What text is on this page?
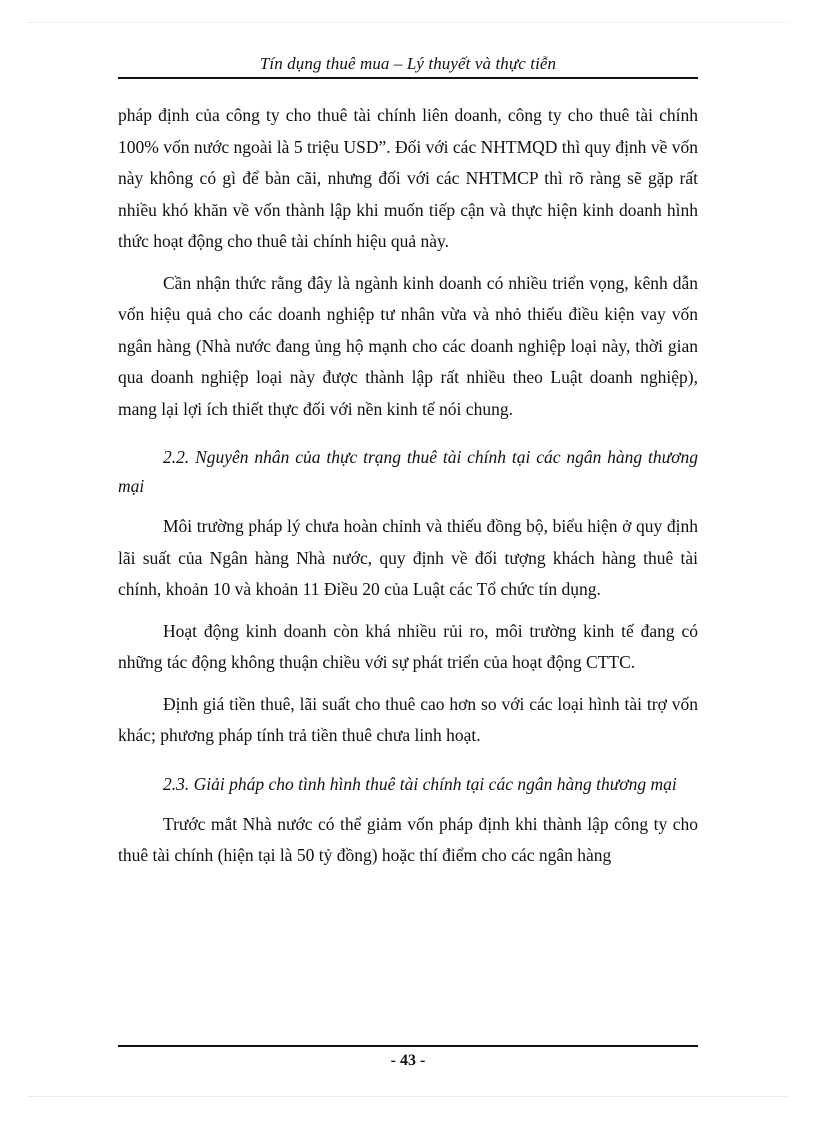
Tín dụng thuê mua – Lý thuyết và thực tiễn

pháp định của công ty cho thuê tài chính liên doanh, công ty cho thuê tài chính 100% vốn nước ngoài là 5 triệu USD”. Đối với các NHTMQD thì quy định về vốn này không có gì để bàn cãi, nhưng đối với các NHTMCP thì rõ ràng sẽ gặp rất nhiều khó khăn về vốn thành lập khi muốn tiếp cận và thực hiện kinh doanh hình thức hoạt động cho thuê tài chính hiệu quả này.

Cần nhận thức rằng đây là ngành kinh doanh có nhiều triển vọng, kênh dẫn vốn hiệu quả cho các doanh nghiệp tư nhân vừa và nhỏ thiếu điều kiện vay vốn ngân hàng (Nhà nước đang ủng hộ mạnh cho các doanh nghiệp loại này, thời gian qua doanh nghiệp loại này được thành lập rất nhiều theo Luật doanh nghiệp), mang lại lợi ích thiết thực đối với nền kinh tế nói chung.

2.2. Nguyên nhân của thực trạng thuê tài chính tại các ngân hàng thương mại

Môi trường pháp lý chưa hoàn chỉnh và thiếu đồng bộ, biểu hiện ở quy định lãi suất của Ngân hàng Nhà nước, quy định về đối tượng khách hàng thuê tài chính, khoản 10 và khoản 11 Điều 20 của Luật các Tổ chức tín dụng.

Hoạt động kinh doanh còn khá nhiều rủi ro, môi trường kinh tế đang có những tác động không thuận chiều với sự phát triển của hoạt động CTTC.

Định giá tiền thuê, lãi suất cho thuê cao hơn so với các loại hình tài trợ vốn khác; phương pháp tính trả tiền thuê chưa linh hoạt.

2.3. Giải pháp cho tình hình thuê tài chính tại các ngân hàng thương mại

Trước mắt Nhà nước có thể giảm vốn pháp định khi thành lập công ty cho thuê tài chính (hiện tại là 50 tỷ đồng) hoặc thí điểm cho các ngân hàng

- 43 -
